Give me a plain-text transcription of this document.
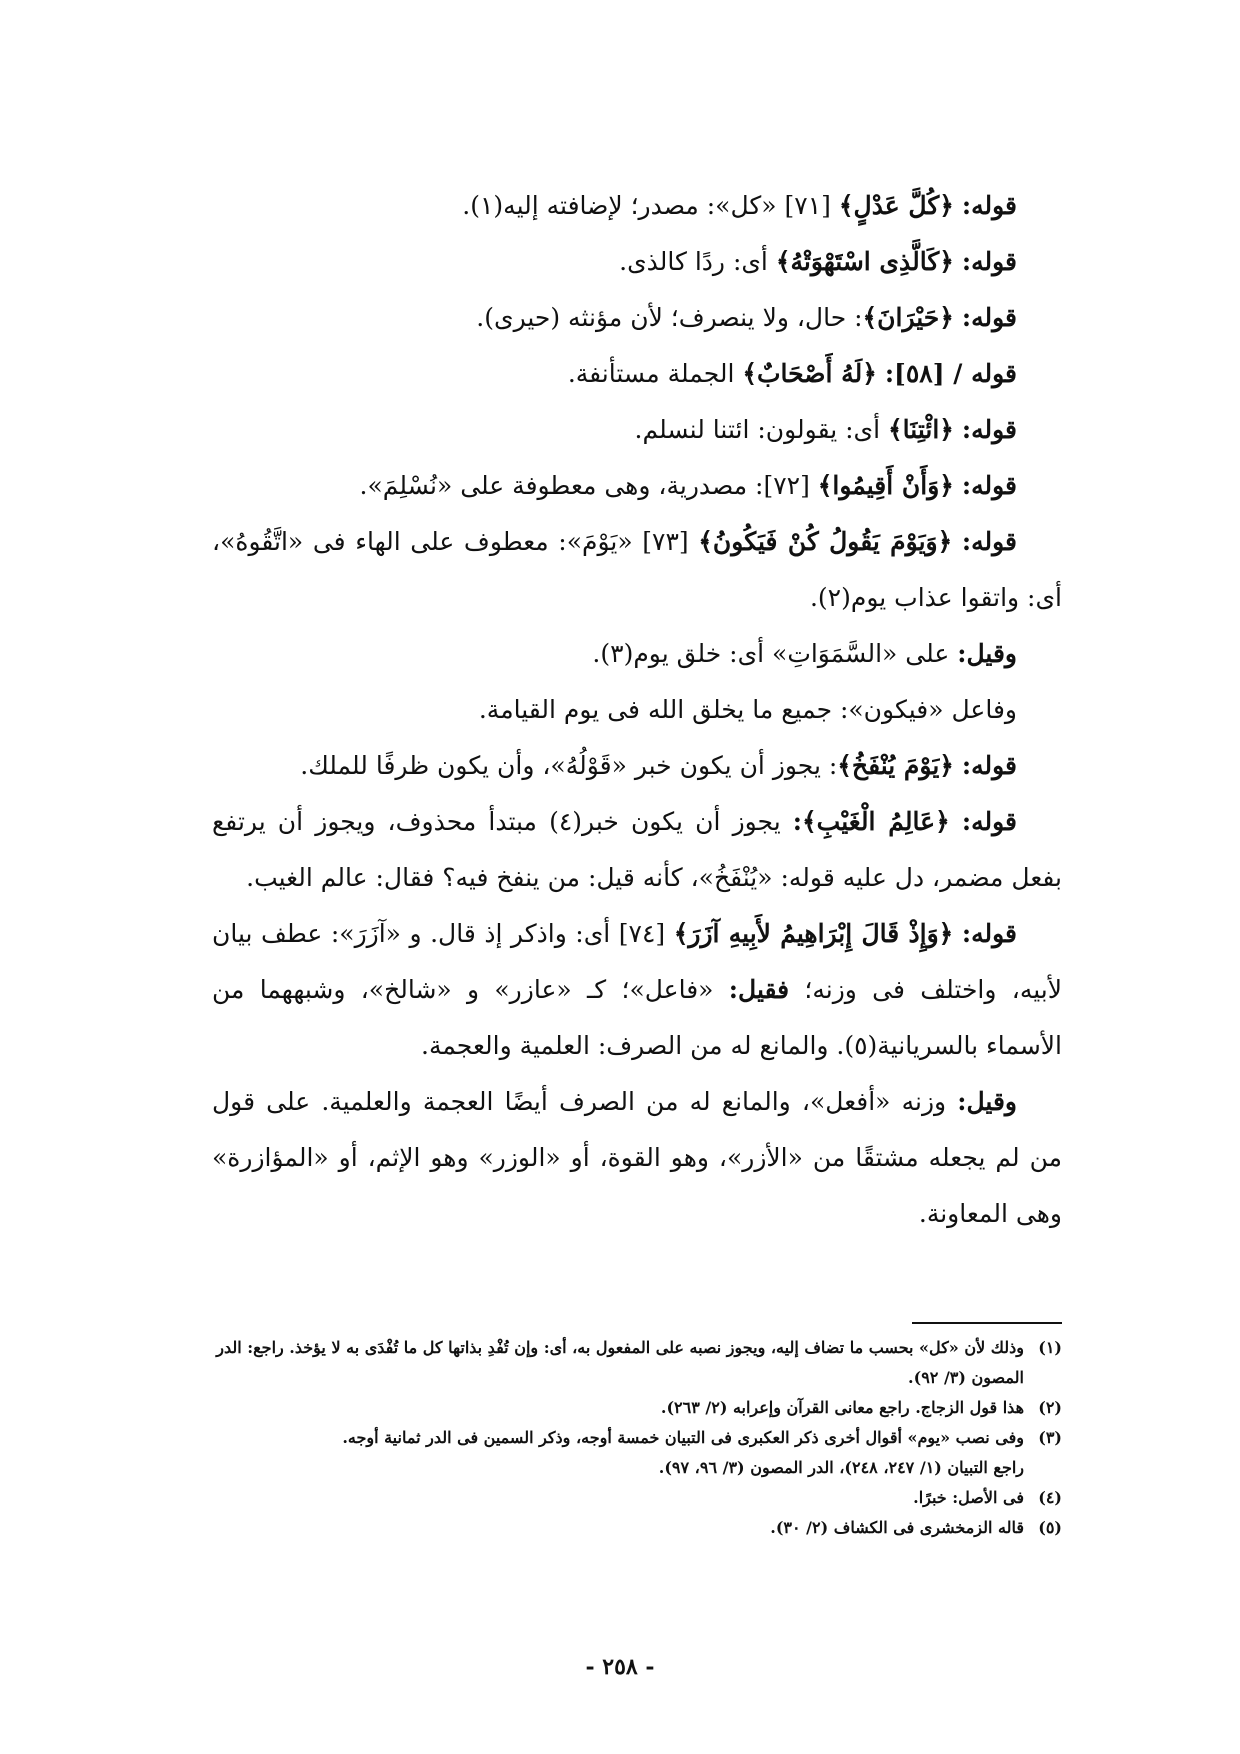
قوله: ﴿كُلَّ عَدْلٍ﴾ [٧١] «كل»: مصدر؛ لإضافته إليه(١).

قوله: ﴿كَالَّذِى اسْتَهْوَتْهُ﴾ أى: ردًا كالذى.

قوله: ﴿حَيْرَانَ﴾: حال، ولا ينصرف؛ لأن مؤنثه (حيرى).

قوله / [٥٨]: ﴿لَهُ أَصْحَابٌ﴾ الجملة مستأنفة.

قوله: ﴿ائْتِنَا﴾ أى: يقولون: ائتنا لنسلم.

قوله: ﴿وَأَنْ أَقِيمُوا﴾ [٧٢]: مصدرية، وهى معطوفة على «نُسْلِمَ».

قوله: ﴿وَيَوْمَ يَقُولُ كُنْ فَيَكُونُ﴾ [٧٣] «يَوْمَ»: معطوف على الهاء فى «اتَّقُوهُ»، أى: واتقوا عذاب يوم(٢).

وقيل: على «السَّمَوَاتِ» أى: خلق يوم(٣).

وفاعل «فيكون»: جميع ما يخلق الله فى يوم القيامة.

قوله: ﴿يَوْمَ يُنْفَخُ﴾: يجوز أن يكون خبر «قَوْلُهُ»، وأن يكون ظرفًا للملك.

قوله: ﴿عَالِمُ الْغَيْبِ﴾: يجوز أن يكون خبر(٤) مبتدأ محذوف، ويجوز أن يرتفع بفعل مضمر، دل عليه قوله: «يُنْفَخُ»، كأنه قيل: من ينفخ فيه؟ فقال: عالم الغيب.

قوله: ﴿وَإِذْ قَالَ إِبْرَاهِيمُ لأَبِيهِ آزَرَ﴾ [٧٤] أى: واذكر إذ قال. و «آزَرَ»: عطف بيان لأبيه، واختلف فى وزنه؛ فقيل: «فاعل»؛ كـ «عازر» و «شالخ»، وشبههما من الأسماء بالسريانية(٥). والمانع له من الصرف: العلمية والعجمة.

وقيل: وزنه «أفعل»، والمانع له من الصرف أيضًا العجمة والعلمية. على قول من لم يجعله مشتقًا من «الأزر»، وهو القوة، أو «الوزر» وهو الإثم، أو «المؤازرة» وهى المعاونة.

(١)
وذلك لأن «كل» بحسب ما تضاف إليه، ويجوز نصبه على المفعول به، أى: وإن تُفْدِ بذاتها كل ما تُفْدَى به لا يؤخذ. راجع: الدر المصون (٣/ ٩٢).
(٢)
هذا قول الزجاج. راجع معانى القرآن وإعرابه (٢/ ٢٦٣).
(٣)
وفى نصب «يوم» أقوال أخرى ذكر العكبرى فى التبيان خمسة أوجه، وذكر السمين فى الدر ثمانية أوجه.

راجع التبيان (١/ ٢٤٧، ٢٤٨)، الدر المصون (٣/ ٩٦، ٩٧).

(٤)
فى الأصل: خبرًا.
(٥)
قاله الزمخشرى فى الكشاف (٢/ ٣٠).
- ٢٥٨ -
